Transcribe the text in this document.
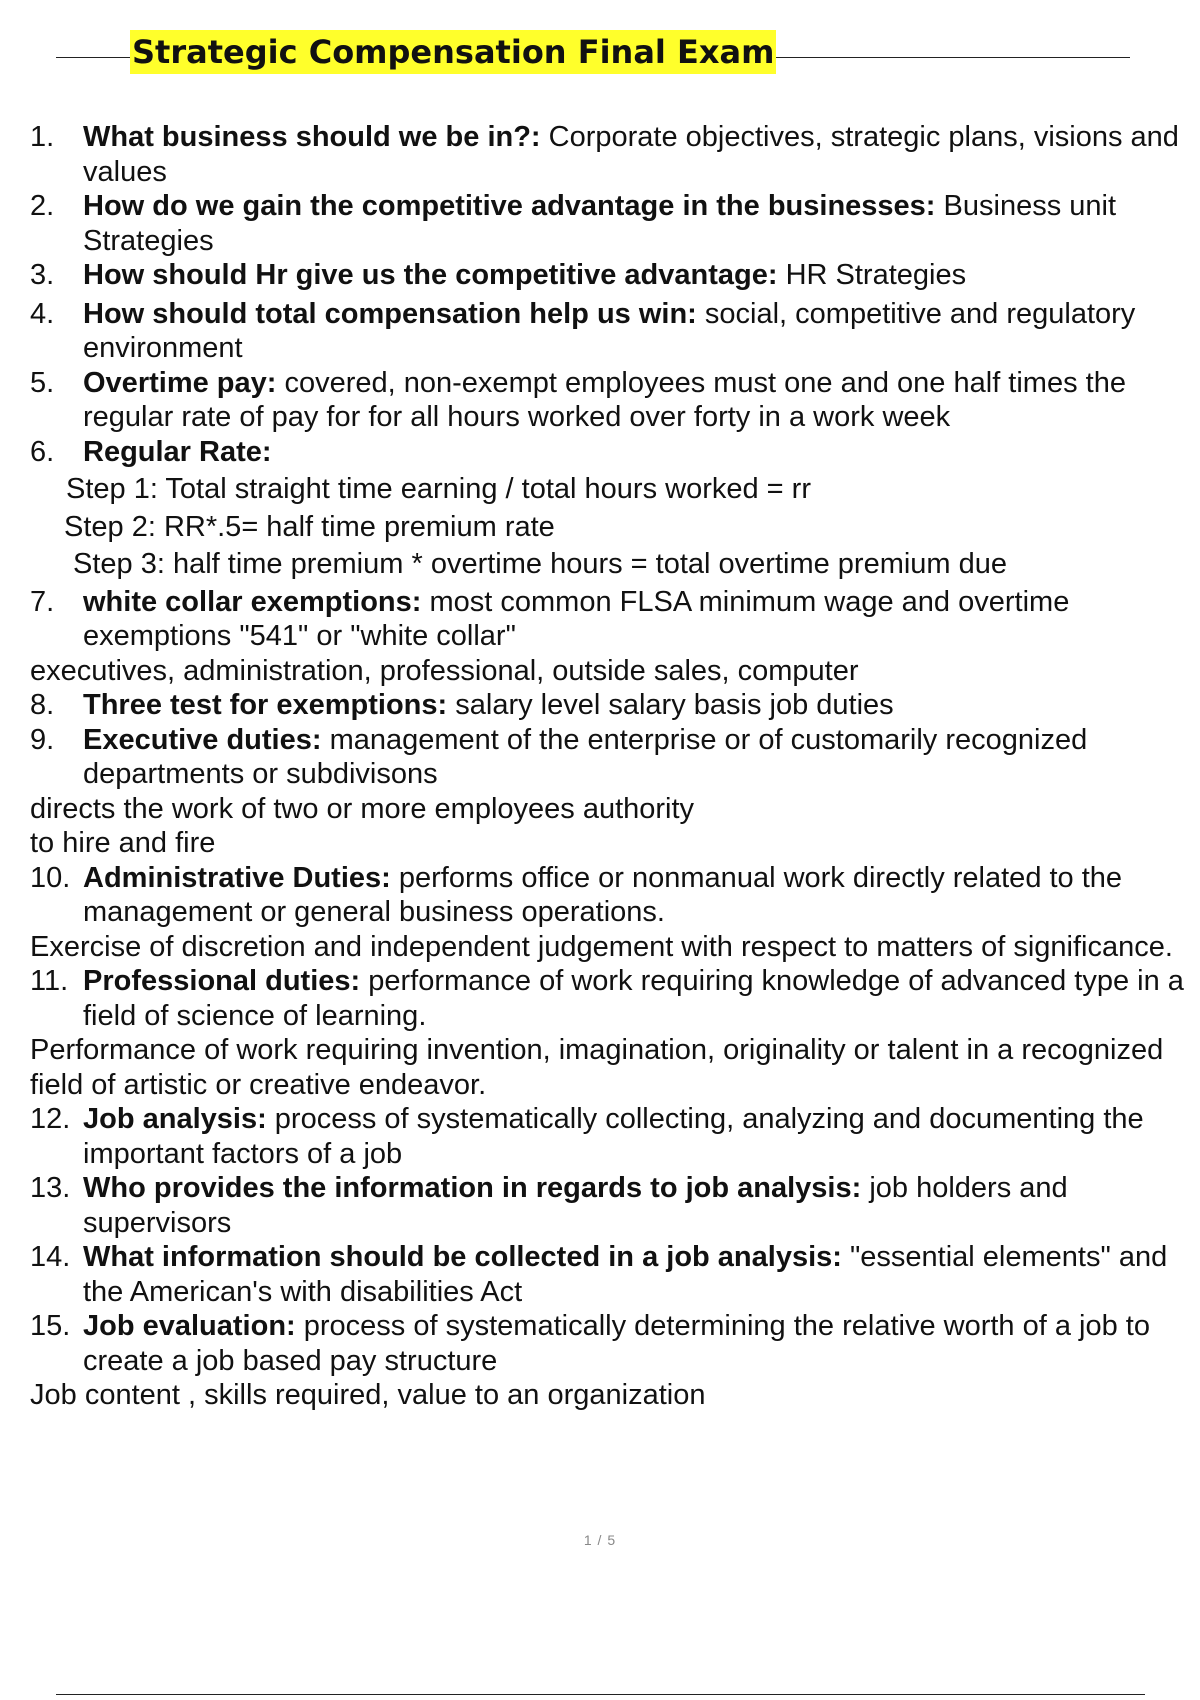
Strategic Compensation Final Exam
1. What business should we be in?: Corporate objectives, strategic plans, visions and values
2. How do we gain the competitive advantage in the businesses: Business unit Strategies
3. How should Hr give us the competitive advantage: HR Strategies
4. How should total compensation help us win: social, competitive and regulatory environment
5. Overtime pay: covered, non-exempt employees must one and one half times the regular rate of pay for for all hours worked over forty in a work week
6. Regular Rate:
Step 1: Total straight time earning / total hours worked = rr
Step 2: RR*.5= half time premium rate
Step 3: half time premium * overtime hours = total overtime premium due
7. white collar exemptions: most common FLSA minimum wage and overtime exemptions "541" or "white collar"
executives, administration, professional, outside sales, computer
8. Three test for exemptions: salary level salary basis job duties
9. Executive duties: management of the enterprise or of customarily recognized departments or subdivisons
directs the work of two or more employees authority
to hire and fire
10. Administrative Duties: performs office or nonmanual work directly related to the management or general business operations.
Exercise of discretion and independent judgement with respect to matters of significance.
11. Professional duties: performance of work requiring knowledge of advanced type in a field of science of learning.
Performance of work requiring invention, imagination, originality or talent in a recognized field of artistic or creative endeavor.
12. Job analysis: process of systematically collecting, analyzing and documenting the important factors of a job
13. Who provides the information in regards to job analysis: job holders and supervisors
14. What information should be collected in a job analysis: "essential elements" and the American's with disabilities Act
15. Job evaluation: process of systematically determining the relative worth of a job to create a job based pay structure
Job content , skills required, value to an organization
1 / 5
